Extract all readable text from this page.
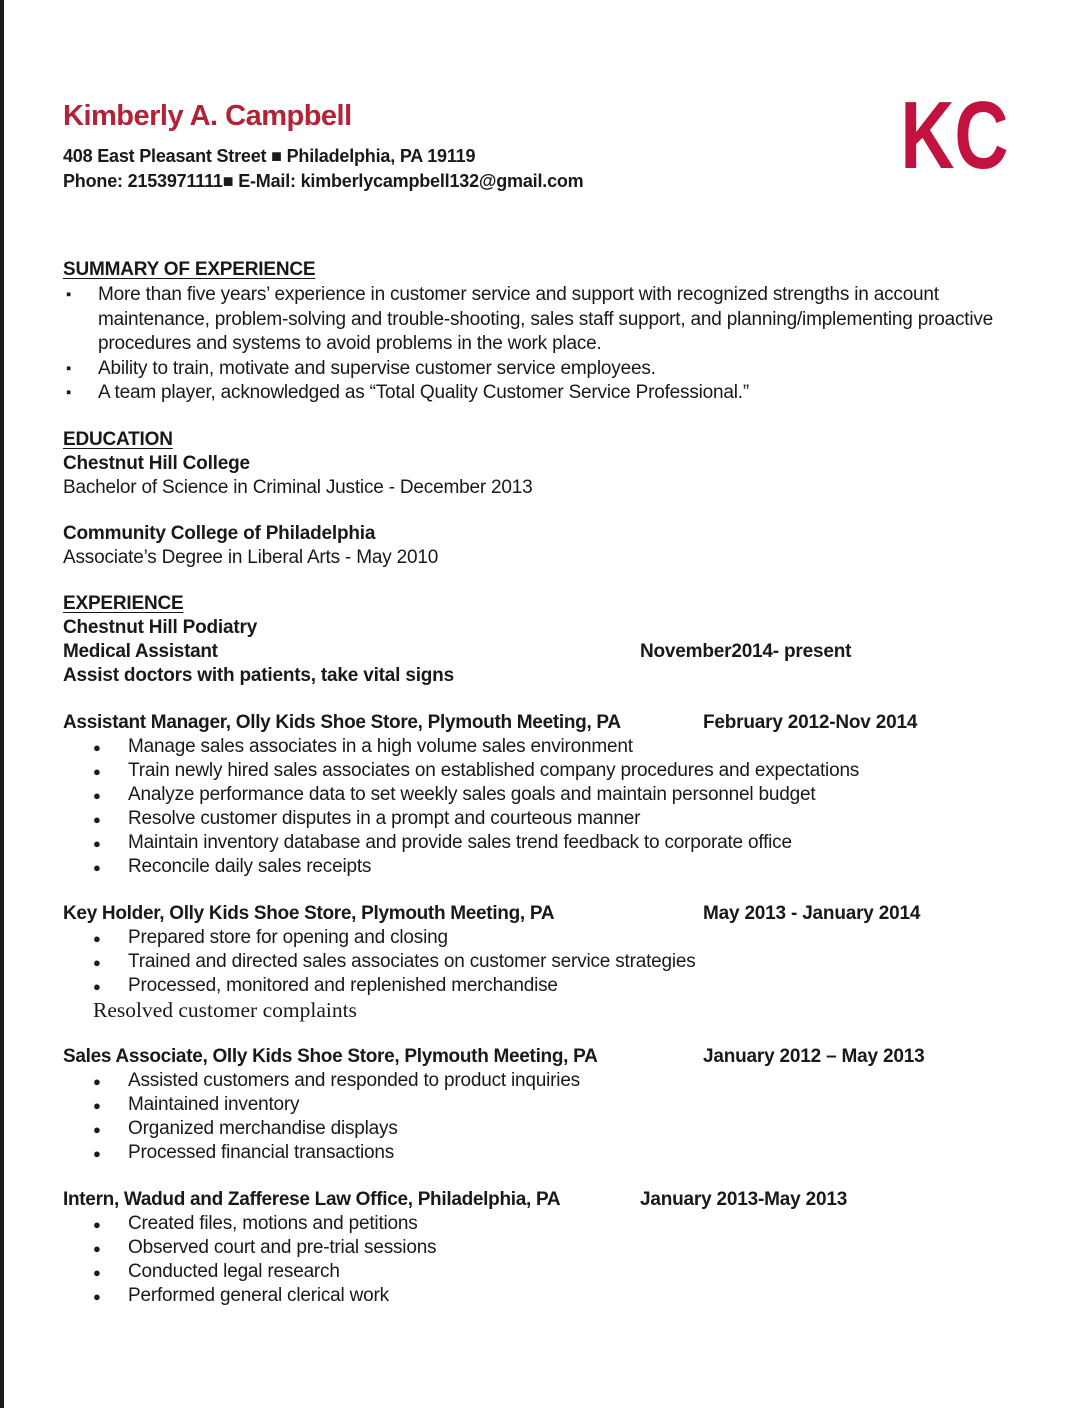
Kimberly A. Campbell

408 East Pleasant Street ■ Philadelphia, PA 19119

Phone: 2153971111■ E-Mail: kimberlycampbell132@gmail.com	KC
SUMMARY OF EXPERIENCE
▪ More than five years’ experience in customer service and support with recognized strengths in account maintenance, problem-solving and trouble-shooting, sales staff support, and planning/implementing proactive procedures and systems to avoid problems in the work place.
▪ Ability to train, motivate and supervise customer service employees.
▪ A team player, acknowledged as “Total Quality Customer Service Professional.”
EDUCATION
Chestnut Hill College
Bachelor of Science in Criminal Justice - December 2013
Community College of Philadelphia
Associate’s Degree in Liberal Arts - May 2010
EXPERIENCE
Chestnut Hill Podiatry
Medical Assistant	November2014- present
Assist doctors with patients, take vital signs
Assistant Manager, Olly Kids Shoe Store, Plymouth Meeting, PA	February 2012-Nov 2014
● Manage sales associates in a high volume sales environment
● Train newly hired sales associates on established company procedures and expectations
● Analyze performance data to set weekly sales goals and maintain personnel budget
● Resolve customer disputes in a prompt and courteous manner
● Maintain inventory database and provide sales trend feedback to corporate office
● Reconcile daily sales receipts
Key Holder, Olly Kids Shoe Store, Plymouth Meeting, PA	May 2013 - January 2014
● Prepared store for opening and closing
● Trained and directed sales associates on customer service strategies
● Processed, monitored and replenished merchandise
Resolved customer complaints
Sales Associate, Olly Kids Shoe Store, Plymouth Meeting, PA	January 2012 – May 2013
● Assisted customers and responded to product inquiries
● Maintained inventory
● Organized merchandise displays
● Processed financial transactions
Intern, Wadud and Zafferese Law Office, Philadelphia, PA	January 2013-May 2013
● Created files, motions and petitions
● Observed court and pre-trial sessions
● Conducted legal research
● Performed general clerical work
